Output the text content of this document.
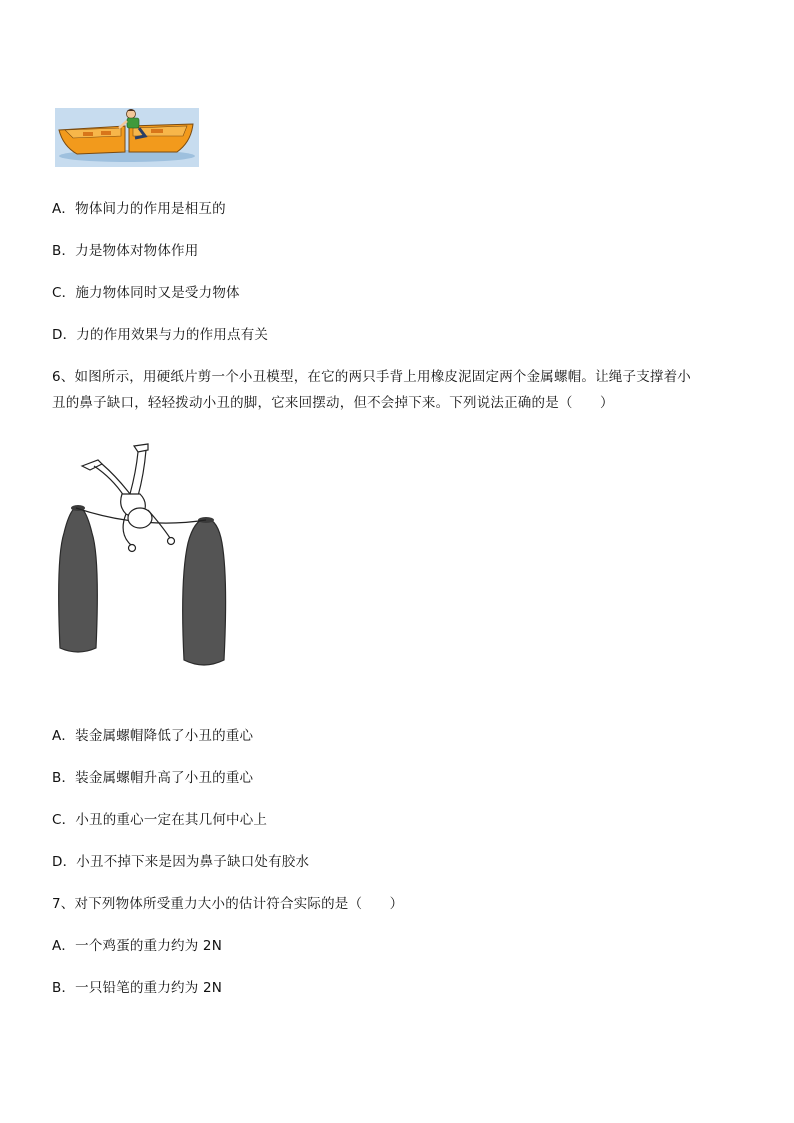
A．物体间力的作用是相互的
B．力是物体对物体作用
C．施力物体同时又是受力物体
D．力的作用效果与力的作用点有关
6、如图所示，用硬纸片剪一个小丑模型，在它的两只手背上用橡皮泥固定两个金属螺帽。让绳子支撑着小
丑的鼻子缺口，轻轻拨动小丑的脚，它来回摆动，但不会掉下来。下列说法正确的是（　　）
A．装金属螺帽降低了小丑的重心
B．装金属螺帽升高了小丑的重心
C．小丑的重心一定在其几何中心上
D．小丑不掉下来是因为鼻子缺口处有胶水
7、对下列物体所受重力大小的估计符合实际的是（　　）
A．一个鸡蛋的重力约为 2N
B．一只铅笔的重力约为 2N
